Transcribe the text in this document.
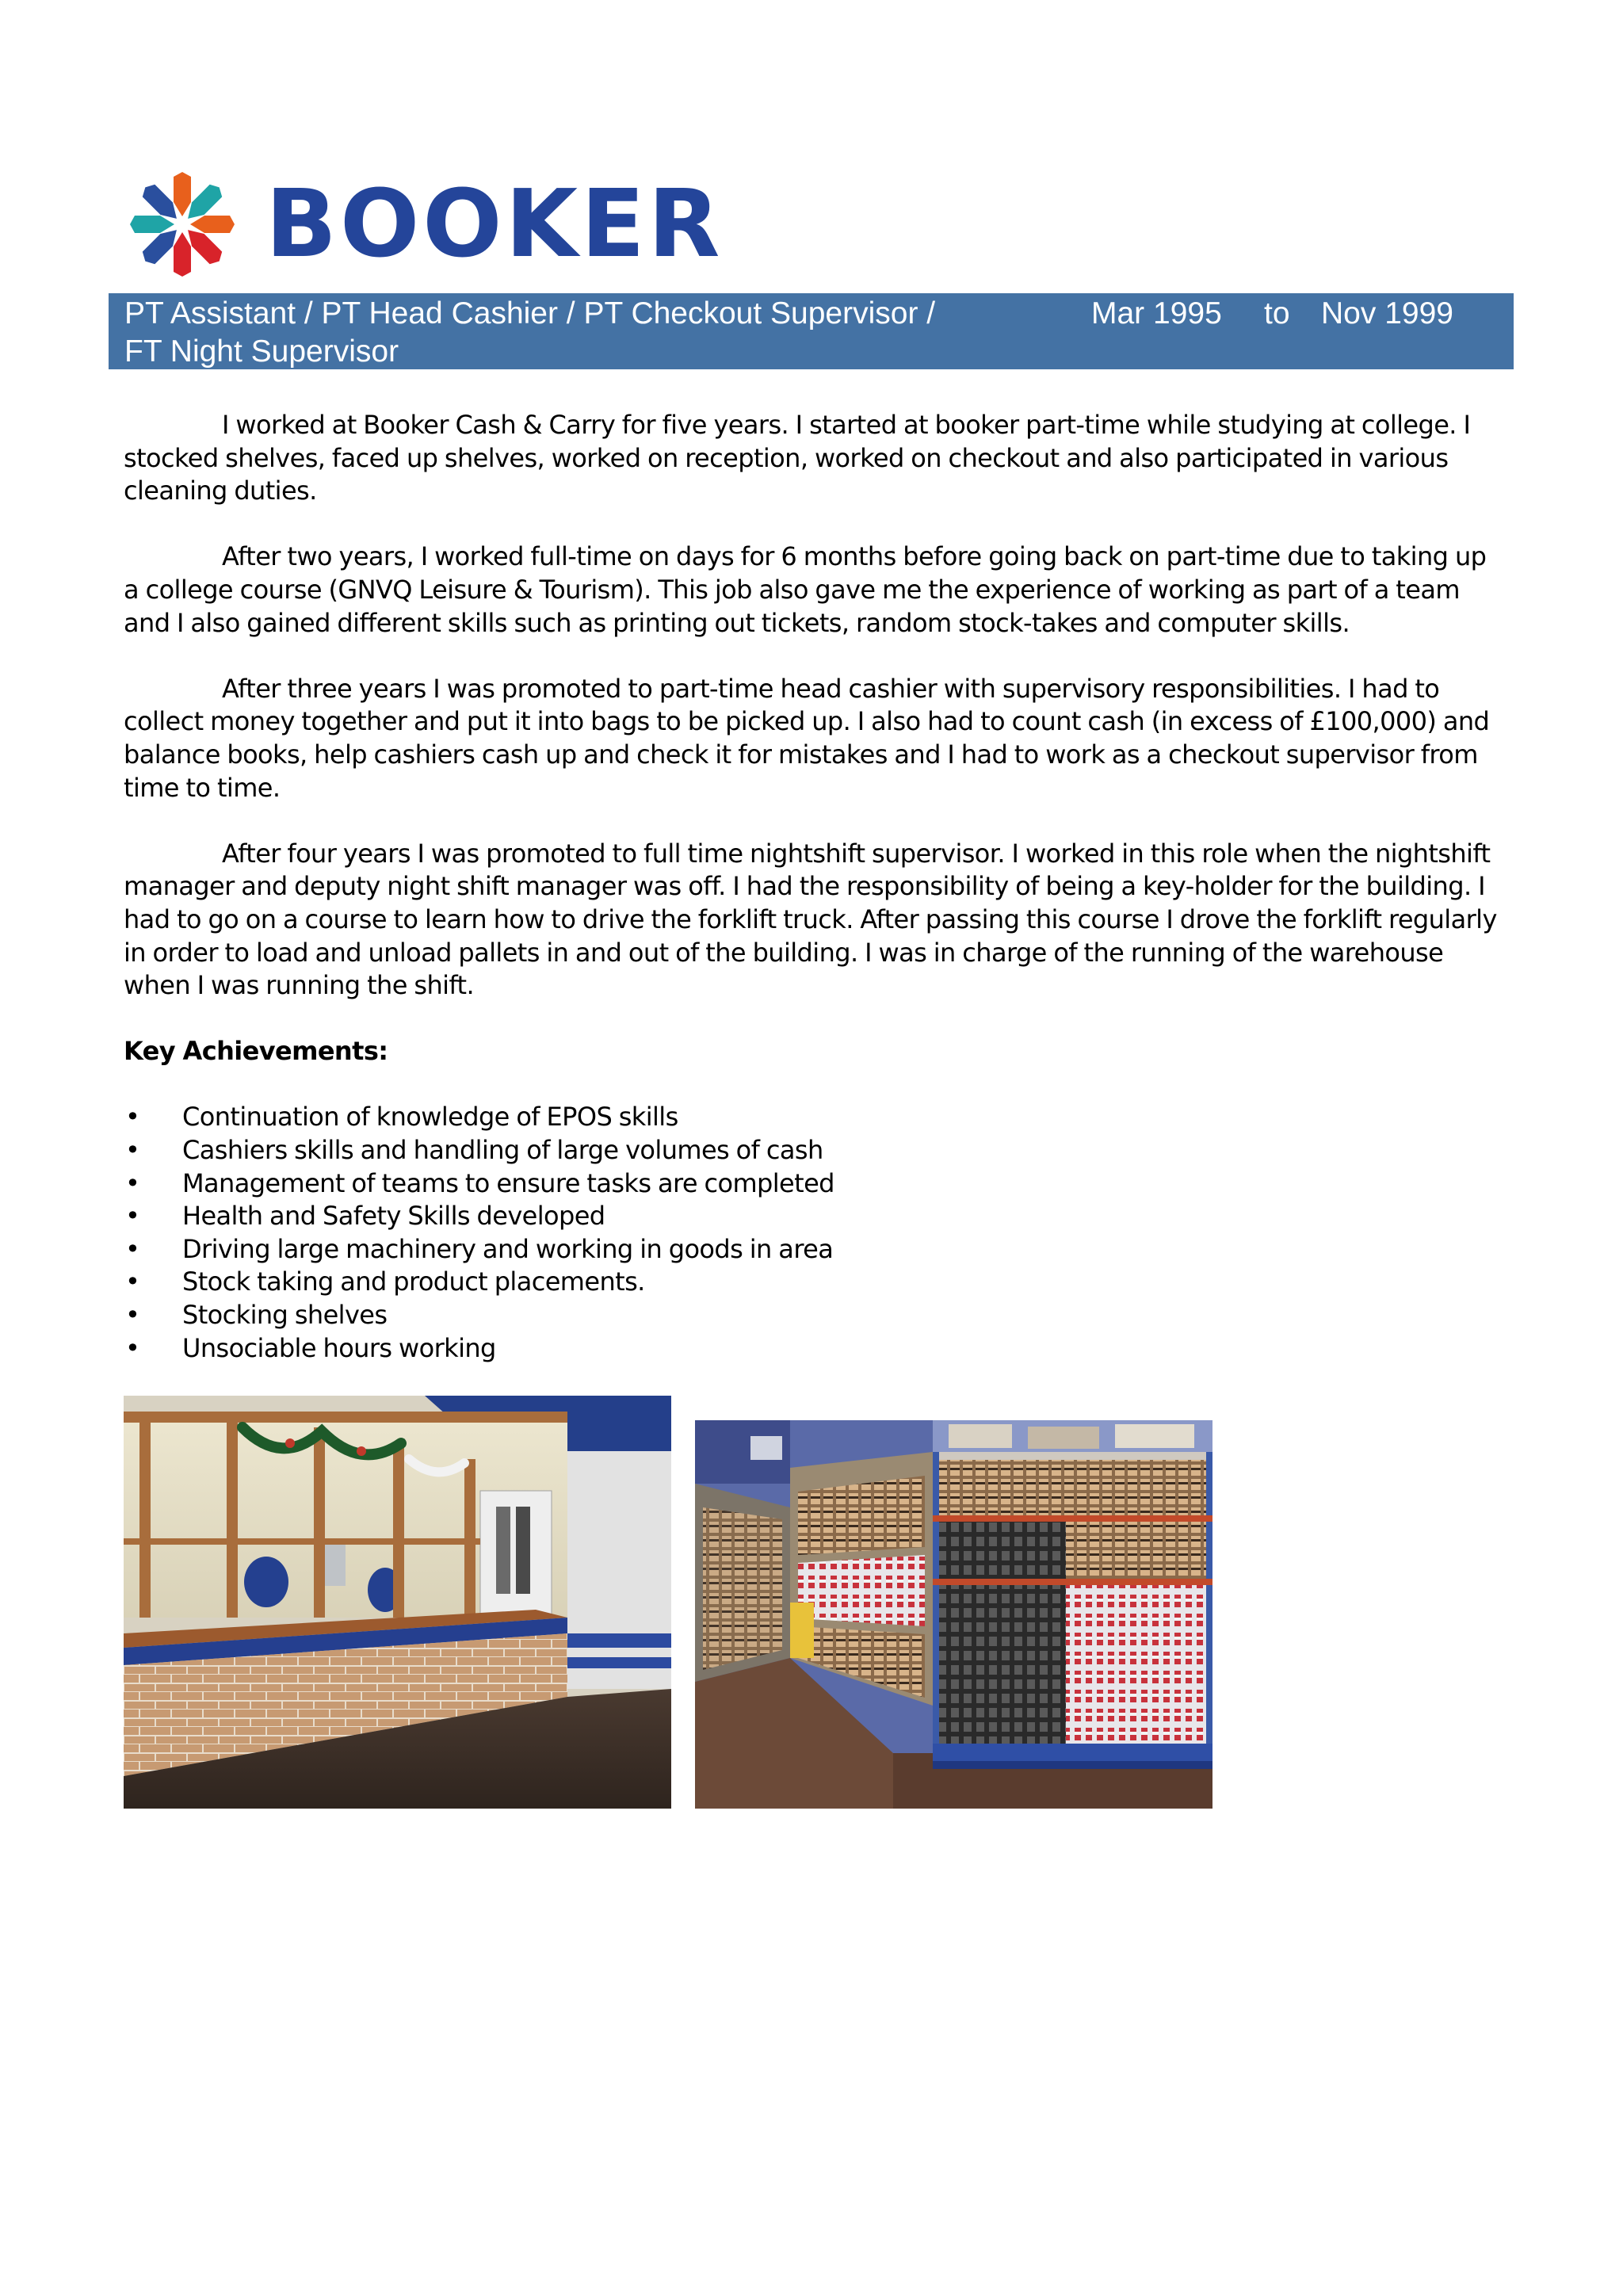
BOOKER
PT Assistant / PT Head Cashier / PT Checkout Supervisor /
FT Night Supervisor
Mar 1995 to Nov 1999

I worked at Booker Cash & Carry for five years. I started at booker part-time while studying at college. I stocked shelves, faced up shelves, worked on reception, worked on checkout and also participated in various cleaning duties.

After two years, I worked full-time on days for 6 months before going back on part-time due to taking up a college course (GNVQ Leisure & Tourism). This job also gave me the experience of working as part of a team and I also gained different skills such as printing out tickets, random stock-takes and computer skills.

After three years I was promoted to part-time head cashier with supervisory responsibilities. I had to collect money together and put it into bags to be picked up. I also had to count cash (in excess of £100,000) and balance books, help cashiers cash up and check it for mistakes and I had to work as a checkout supervisor from time to time.

After four years I was promoted to full time nightshift supervisor. I worked in this role when the nightshift manager and deputy night shift manager was off. I had the responsibility of being a key-holder for the building. I had to go on a course to learn how to drive the forklift truck. After passing this course I drove the forklift regularly in order to load and unload pallets in and out of the building. I was in charge of the running of the warehouse when I was running the shift.

Key Achievements:
• Continuation of knowledge of EPOS skills
• Cashiers skills and handling of large volumes of cash
• Management of teams to ensure tasks are completed
• Health and Safety Skills developed
• Driving large machinery and working in goods in area
• Stock taking and product placements.
• Stocking shelves
• Unsociable hours working
